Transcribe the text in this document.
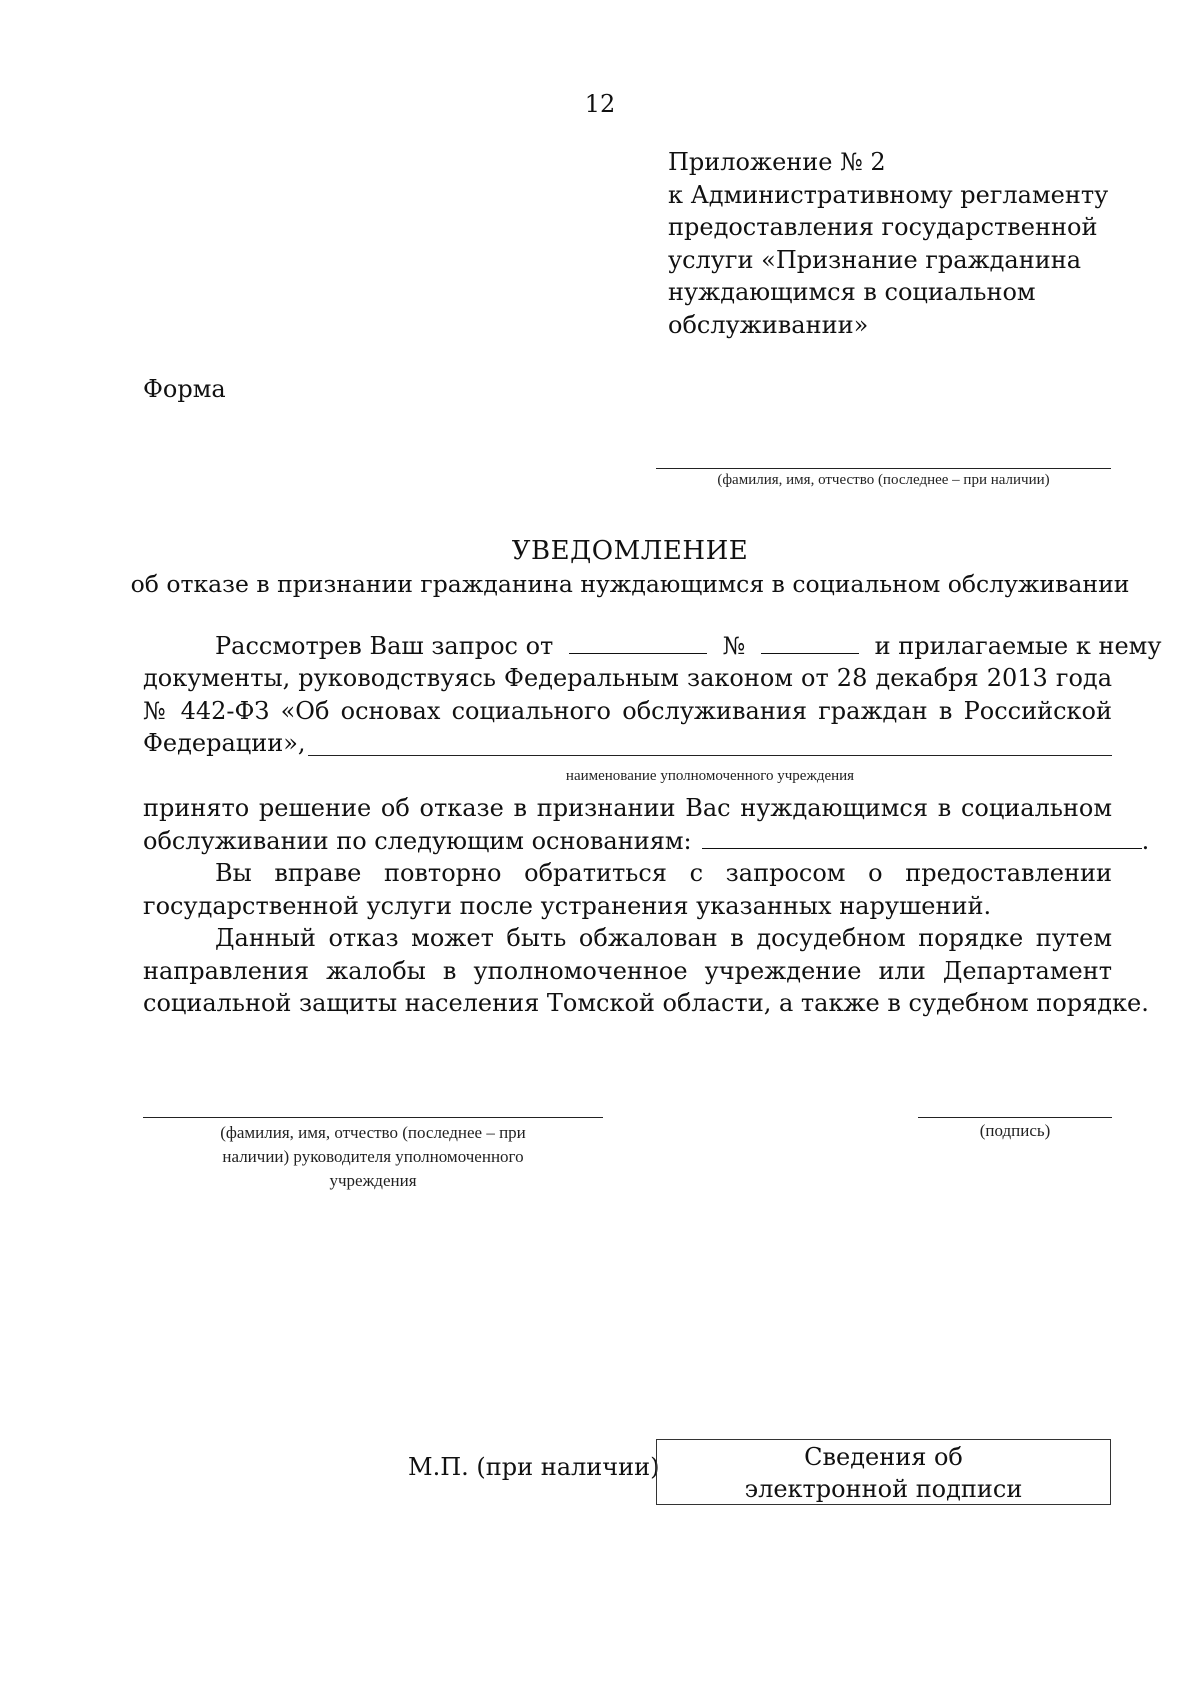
12
Приложение № 2
к Административному регламенту
предоставления государственной
услуги «Признание гражданина
нуждающимся в социальном
обслуживании»
Форма
(фамилия, имя, отчество (последнее – при наличии)
УВЕДОМЛЕНИЕ
об отказе в признании гражданина нуждающимся в социальном обслуживании
Рассмотрев Ваш запрос от	№	и прилагаемые к нему
документы, руководствуясь Федеральным законом от 28 декабря 2013 года
№ 442-ФЗ «Об основах социального обслуживания граждан в Российской
Федерации»,
наименование уполномоченного учреждения
принято решение об отказе в признании Вас нуждающимся в социальном
обслуживании по следующим основаниям:	.
Вы вправе повторно обратиться с запросом о предоставлении
государственной услуги после устранения указанных нарушений.
Данный отказ может быть обжалован в досудебном порядке путем
направления жалобы в уполномоченное учреждение или Департамент
социальной защиты населения Томской области, а также в судебном порядке.
(фамилия, имя, отчество (последнее – при
наличии) руководителя уполномоченного
учреждения
(подпись)
М.П. (при наличии)	Сведения об
электронной подписи
